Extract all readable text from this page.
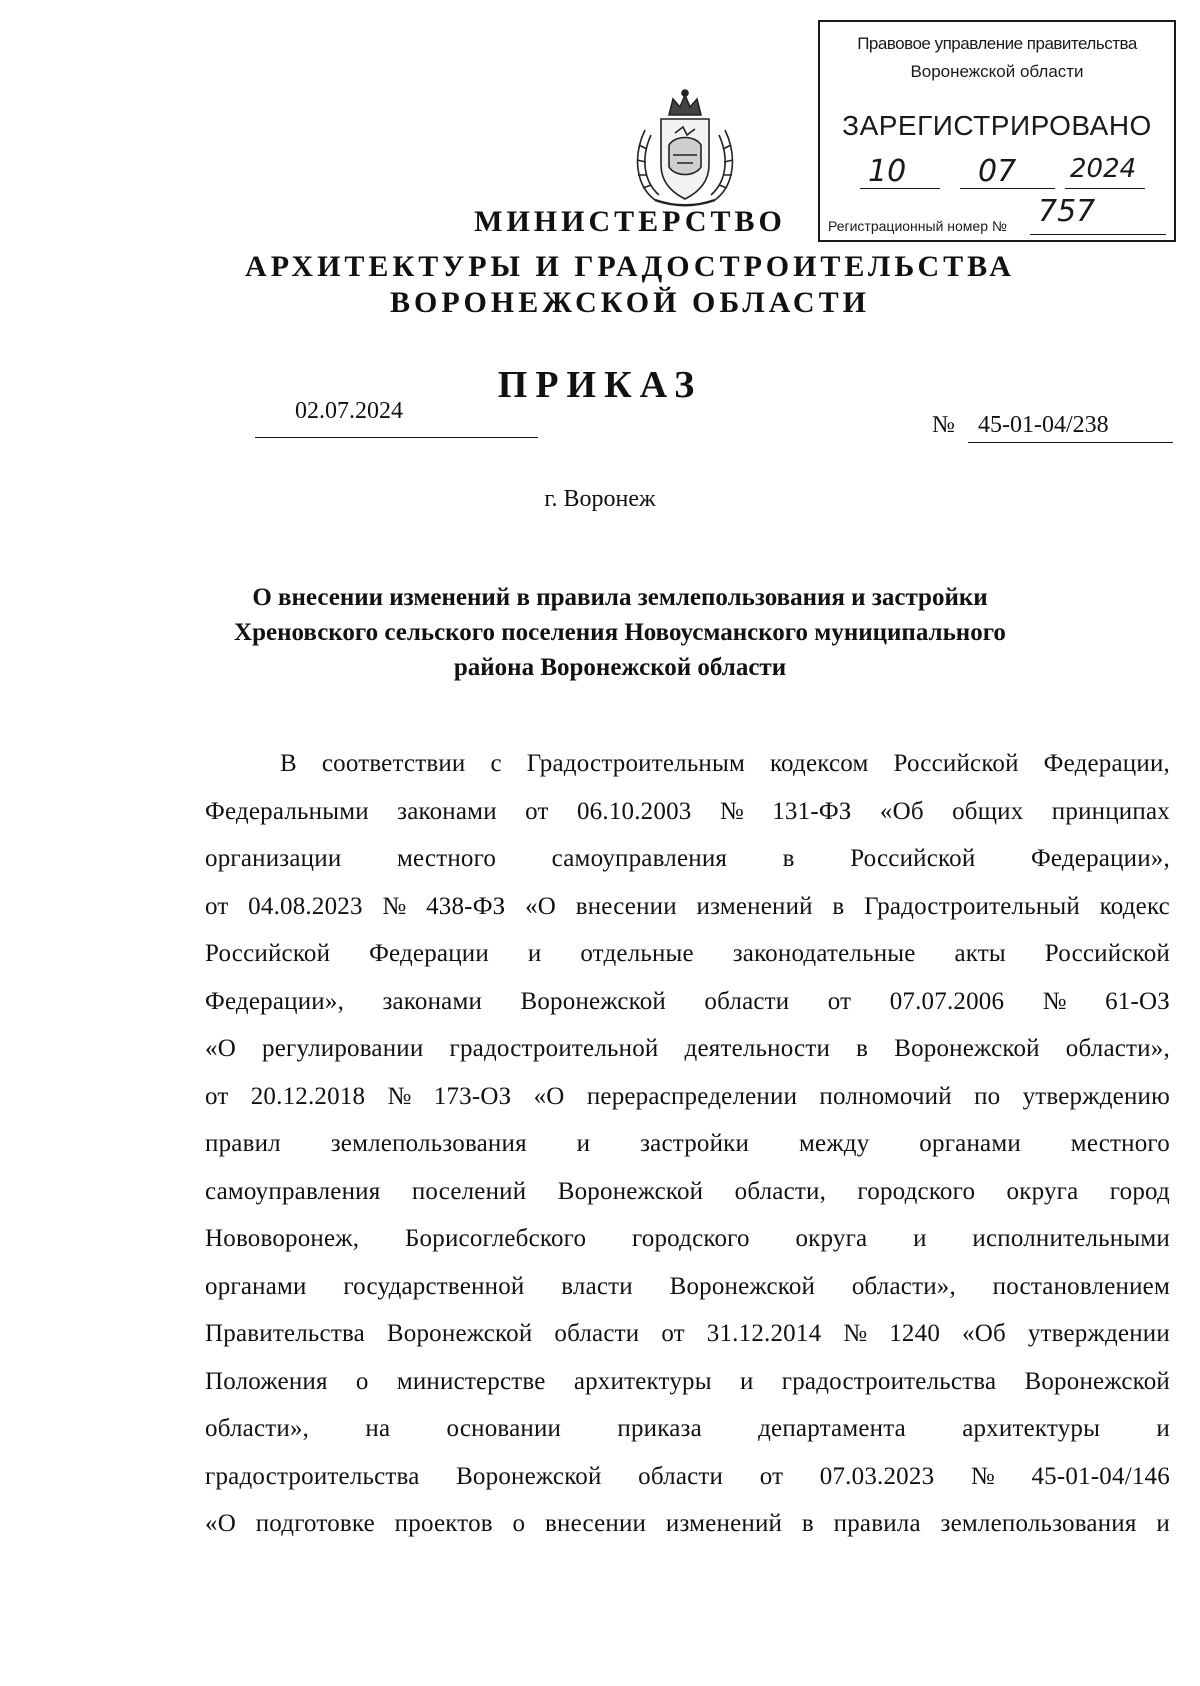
Правовое управление правительства
Воронежской области
ЗАРЕГИСТРИРОВАНО
10 07 2024
Регистрационный номер № 757
МИНИСТЕРСТВО
АРХИТЕКТУРЫ И ГРАДОСТРОИТЕЛЬСТВА
ВОРОНЕЖСКОЙ ОБЛАСТИ
ПРИКАЗ
02.07.2024
№ 45-01-04/238
г. Воронеж
О внесении изменений в правила землепользования и застройки
Хреновского сельского поселения Новоусманского муниципального
района Воронежской области
В соответствии с Градостроительным кодексом Российской Федерации,
Федеральными законами от 06.10.2003 № 131-ФЗ «Об общих принципах
организации местного самоуправления в Российской Федерации»,
от 04.08.2023 № 438-ФЗ «О внесении изменений в Градостроительный кодекс
Российской Федерации и отдельные законодательные акты Российской
Федерации», законами Воронежской области от 07.07.2006 № 61-ОЗ
«О регулировании градостроительной деятельности в Воронежской области»,
от 20.12.2018 № 173-ОЗ «О перераспределении полномочий по утверждению
правил землепользования и застройки между органами местного
самоуправления поселений Воронежской области, городского округа город
Нововоронеж, Борисоглебского городского округа и исполнительными
органами государственной власти Воронежской области», постановлением
Правительства Воронежской области от 31.12.2014 № 1240 «Об утверждении
Положения о министерстве архитектуры и градостроительства Воронежской
области», на основании приказа департамента архитектуры и
градостроительства Воронежской области от 07.03.2023 № 45-01-04/146
«О подготовке проектов о внесении изменений в правила землепользования и
